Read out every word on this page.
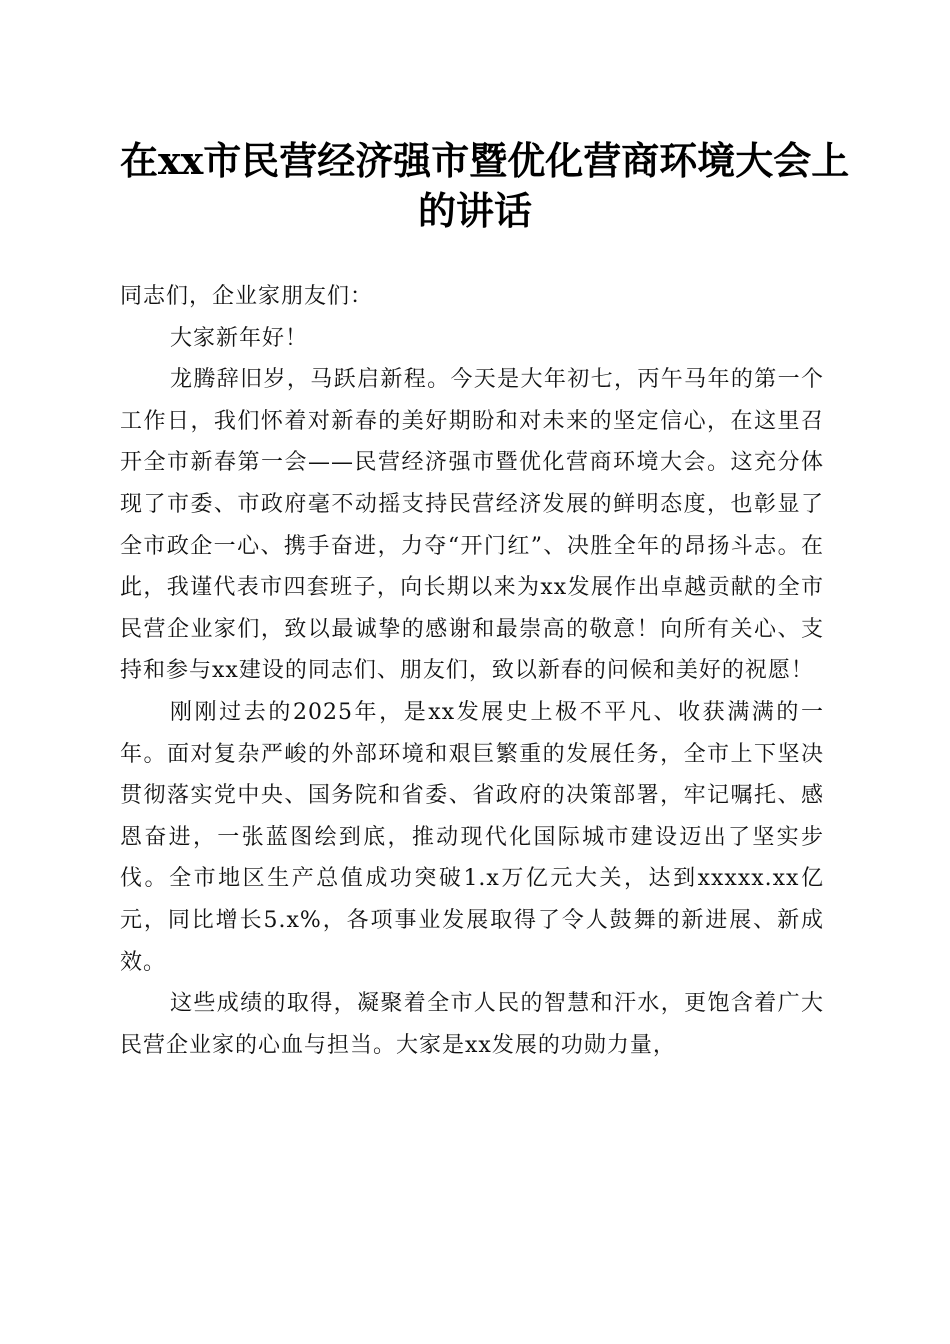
在xx市民营经济强市暨优化营商环境大会上
的讲话

同志们，企业家朋友们：

大家新年好！

龙腾辞旧岁，马跃启新程。今天是大年初七，丙午马年的第一个工作日，我们怀着对新春的美好期盼和对未来的坚定信心，在这里召开全市新春第一会——民营经济强市暨优化营商环境大会。这充分体现了市委、市政府毫不动摇支持民营经济发展的鲜明态度，也彰显了全市政企一心、携手奋进，力夺“开门红”、决胜全年的昂扬斗志。在此，我谨代表市四套班子，向长期以来为xx发展作出卓越贡献的全市民营企业家们，致以最诚挚的感谢和最崇高的敬意！向所有关心、支持和参与xx建设的同志们、朋友们，致以新春的问候和美好的祝愿！

刚刚过去的2025年，是xx发展史上极不平凡、收获满满的一年。面对复杂严峻的外部环境和艰巨繁重的发展任务，全市上下坚决贯彻落实党中央、国务院和省委、省政府的决策部署，牢记嘱托、感恩奋进，一张蓝图绘到底，推动现代化国际城市建设迈出了坚实步伐。全市地区生产总值成功突破1.x万亿元大关，达到xxxxx.xx亿元，同比增长5.x%，各项事业发展取得了令人鼓舞的新进展、新成效。

这些成绩的取得，凝聚着全市人民的智慧和汗水，更饱含着广大民营企业家的心血与担当。大家是xx发展的功勋力量，
